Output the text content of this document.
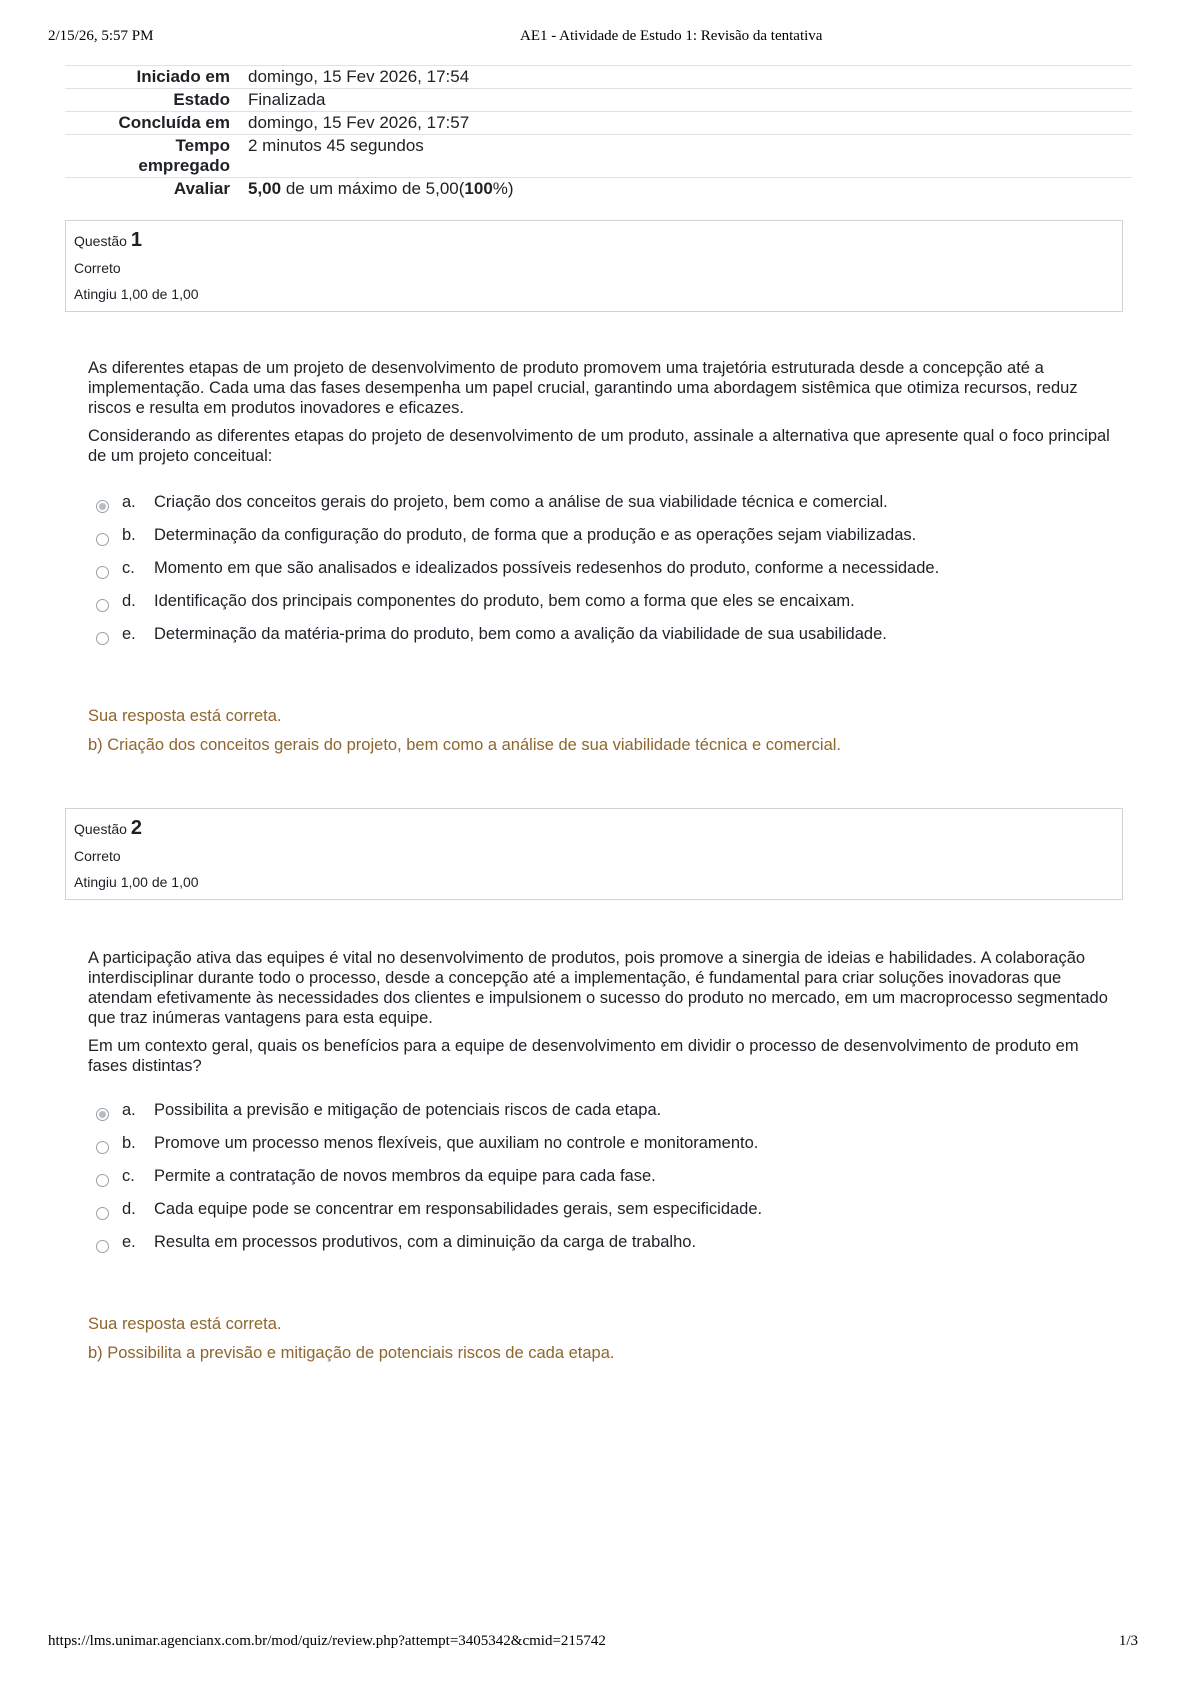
2/15/26, 5:57 PM	AE1 - Atividade de Estudo 1: Revisão da tentativa
Iniciado em	domingo, 15 Fev 2026, 17:54
Estado	Finalizada
Concluída em	domingo, 15 Fev 2026, 17:57
Tempo
empregado	2 minutos 45 segundos
Avaliar	5,00 de um máximo de 5,00(100%)
Questão 1
Correto
Atingiu 1,00 de 1,00

As diferentes etapas de um projeto de desenvolvimento de produto promovem uma trajetória estruturada desde a concepção até a implementação. Cada uma das fases desempenha um papel crucial, garantindo uma abordagem sistêmica que otimiza recursos, reduz riscos e resulta em produtos inovadores e eficazes.

Considerando as diferentes etapas do projeto de desenvolvimento de um produto, assinale a alternativa que apresente qual o foco principal de um projeto conceitual:

a. Criação dos conceitos gerais do projeto, bem como a análise de sua viabilidade técnica e comercial.
b. Determinação da configuração do produto, de forma que a produção e as operações sejam viabilizadas.
c. Momento em que são analisados e idealizados possíveis redesenhos do produto, conforme a necessidade.
d. Identificação dos principais componentes do produto, bem como a forma que eles se encaixam.
e. Determinação da matéria-prima do produto, bem como a avalição da viabilidade de sua usabilidade.
Sua resposta está correta.
b) Criação dos conceitos gerais do projeto, bem como a análise de sua viabilidade técnica e comercial.
Questão 2
Correto
Atingiu 1,00 de 1,00

A participação ativa das equipes é vital no desenvolvimento de produtos, pois promove a sinergia de ideias e habilidades. A colaboração interdisciplinar durante todo o processo, desde a concepção até a implementação, é fundamental para criar soluções inovadoras que atendam efetivamente às necessidades dos clientes e impulsionem o sucesso do produto no mercado, em um macroprocesso segmentado que traz inúmeras vantagens para esta equipe.

Em um contexto geral, quais os benefícios para a equipe de desenvolvimento em dividir o processo de desenvolvimento de produto em fases distintas?

a. Possibilita a previsão e mitigação de potenciais riscos de cada etapa.
b. Promove um processo menos flexíveis, que auxiliam no controle e monitoramento.
c. Permite a contratação de novos membros da equipe para cada fase.
d. Cada equipe pode se concentrar em responsabilidades gerais, sem especificidade.
e. Resulta em processos produtivos, com a diminuição da carga de trabalho.
Sua resposta está correta.
b) Possibilita a previsão e mitigação de potenciais riscos de cada etapa.
https://lms.unimar.agencianx.com.br/mod/quiz/review.php?attempt=3405342&cmid=215742	1/3
